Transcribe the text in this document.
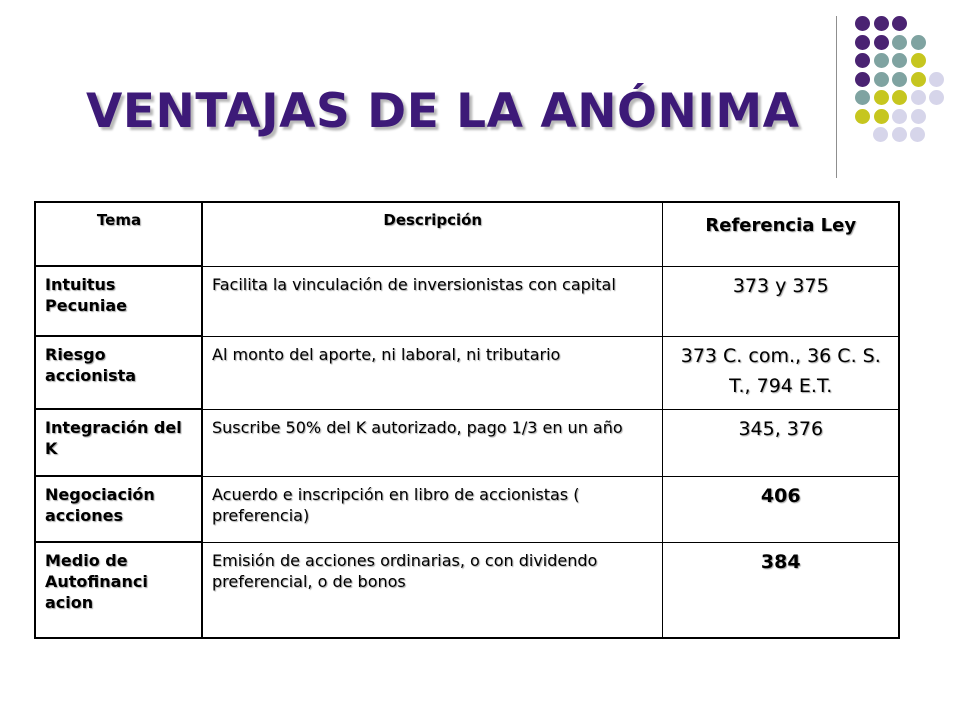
VENTAJAS DE LA ANÓNIMA
Tema	Descripción	Referencia Ley
Intuitus Pecuniae	Facilita la vinculación de inversionistas con capital	373 y 375
Riesgo accionista	Al monto del aporte, ni laboral, ni tributario	373 C. com., 36 C. S. T., 794 E.T.
Integración del K	Suscribe 50% del K autorizado, pago 1/3 en un año	345, 376
Negociación acciones	Acuerdo e inscripción en libro de accionistas ( preferencia)	406
Medio de Autofinanci acion	Emisión de acciones ordinarias, o con dividendo preferencial, o de bonos	384
